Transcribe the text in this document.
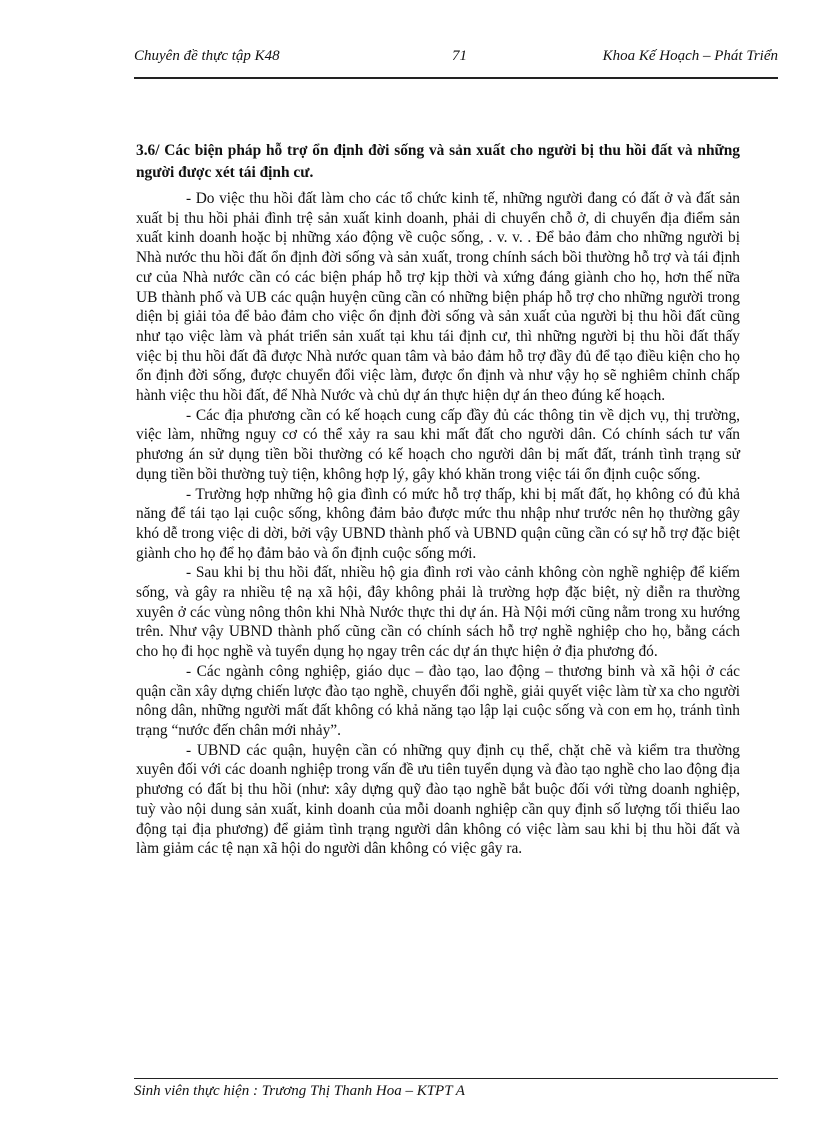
Chuyên đề thực tập K48	71	Khoa Kế Hoạch – Phát Triển

3.6/ Các biện pháp hỗ trợ ổn định đời sống và sản xuất cho người bị thu hồi đất và những người được xét tái định cư.

- Do việc thu hồi đất làm cho các tổ chức kinh tế, những người đang có đất ở và đất sản xuất bị thu hồi phải đình trệ sản xuất kinh doanh, phải di chuyển chỗ ở, di chuyển địa điểm sản xuất kinh doanh hoặc bị những xáo động về cuộc sống, . v. v. . Để bảo đảm cho những người bị Nhà nước thu hồi đất ổn định đời sống và sản xuất, trong chính sách bồi thường hỗ trợ và tái định cư của Nhà nước cần có các biện pháp hỗ trợ kịp thời và xứng đáng giành cho họ, hơn thế nữa UB thành phố và UB các quận huyện cũng cần có những biện pháp hỗ trợ cho những người trong diện bị giải tỏa để bảo đảm cho việc ổn định đời sống và sản xuất của người bị thu hồi đất cũng như tạo việc làm và phát triển sản xuất tại khu tái định cư, thì những người bị thu hồi đất thấy việc bị thu hồi đất đã được Nhà nước quan tâm và bảo đảm hỗ trợ đầy đủ để tạo điều kiện cho họ ổn định đời sống, được chuyển đổi việc làm, được ổn định và như vậy họ sẽ nghiêm chỉnh chấp hành việc thu hồi đất, để Nhà Nước và chủ dự án thực hiện dự án theo đúng kế hoạch.

- Các địa phương cần có kế hoạch cung cấp đầy đủ các thông tin về dịch vụ, thị trường, việc làm, những nguy cơ có thể xảy ra sau khi mất đất cho người dân. Có chính sách tư vấn phương án sử dụng tiền bồi thường có kế hoạch cho người dân bị mất đất, tránh tình trạng sử dụng tiền bồi thường tuỳ tiện, không hợp lý, gây khó khăn trong việc tái ổn định cuộc sống.

- Trường hợp những hộ gia đình có mức hỗ trợ thấp, khi bị mất đất, họ không có đủ khả năng để tái tạo lại cuộc sống, không đảm bảo được mức thu nhập như trước nên họ thường gây khó dễ trong việc di dời, bởi vậy UBND thành phố và UBND quận cũng cần có sự hỗ trợ đặc biệt giành cho họ để họ đảm bảo và ổn định cuộc sống mới.

- Sau khi bị thu hồi đất, nhiều hộ gia đình rơi vào cảnh không còn nghề nghiệp để kiếm sống, và gây ra nhiều tệ nạ xã hội, đây không phải là trường hợp đặc biệt, nỳ diễn ra thường xuyên ở các vùng nông thôn khi Nhà Nước thực thi dự án. Hà Nội mới cũng nằm trong xu hướng trên. Như vậy UBND thành phố cũng cần có chính sách hỗ trợ nghề nghiệp cho họ, bằng cách cho họ đi học nghề và tuyển dụng họ ngay trên các dự án thực hiện ở địa phương đó.

- Các ngành công nghiệp, giáo dục – đào tạo, lao động – thương binh và xã hội ở các quận cần xây dựng chiến lược đào tạo nghề, chuyển đổi nghề, giải quyết việc làm từ xa cho người nông dân, những người mất đất không có khả năng tạo lập lại cuộc sống và con em họ, tránh tình trạng “nước đến chân mới nhảy”.

- UBND các quận, huyện cần có những quy định cụ thể, chặt chẽ và kiểm tra thường xuyên đối với các doanh nghiệp trong vấn đề ưu tiên tuyển dụng và đào tạo nghề cho lao động địa phương có đất bị thu hồi (như: xây dựng quỹ đào tạo nghề bắt buộc đối với từng doanh nghiệp, tuỳ vào nội dung sản xuất, kinh doanh của mỗi doanh nghiệp cần quy định số lượng tối thiểu lao động tại địa phương) để giảm tình trạng người dân không có việc làm sau khi bị thu hồi đất và làm giảm các tệ nạn xã hội do người dân không có việc gây ra.

Sinh viên thực hiện : Trương Thị Thanh Hoa – KTPT A
